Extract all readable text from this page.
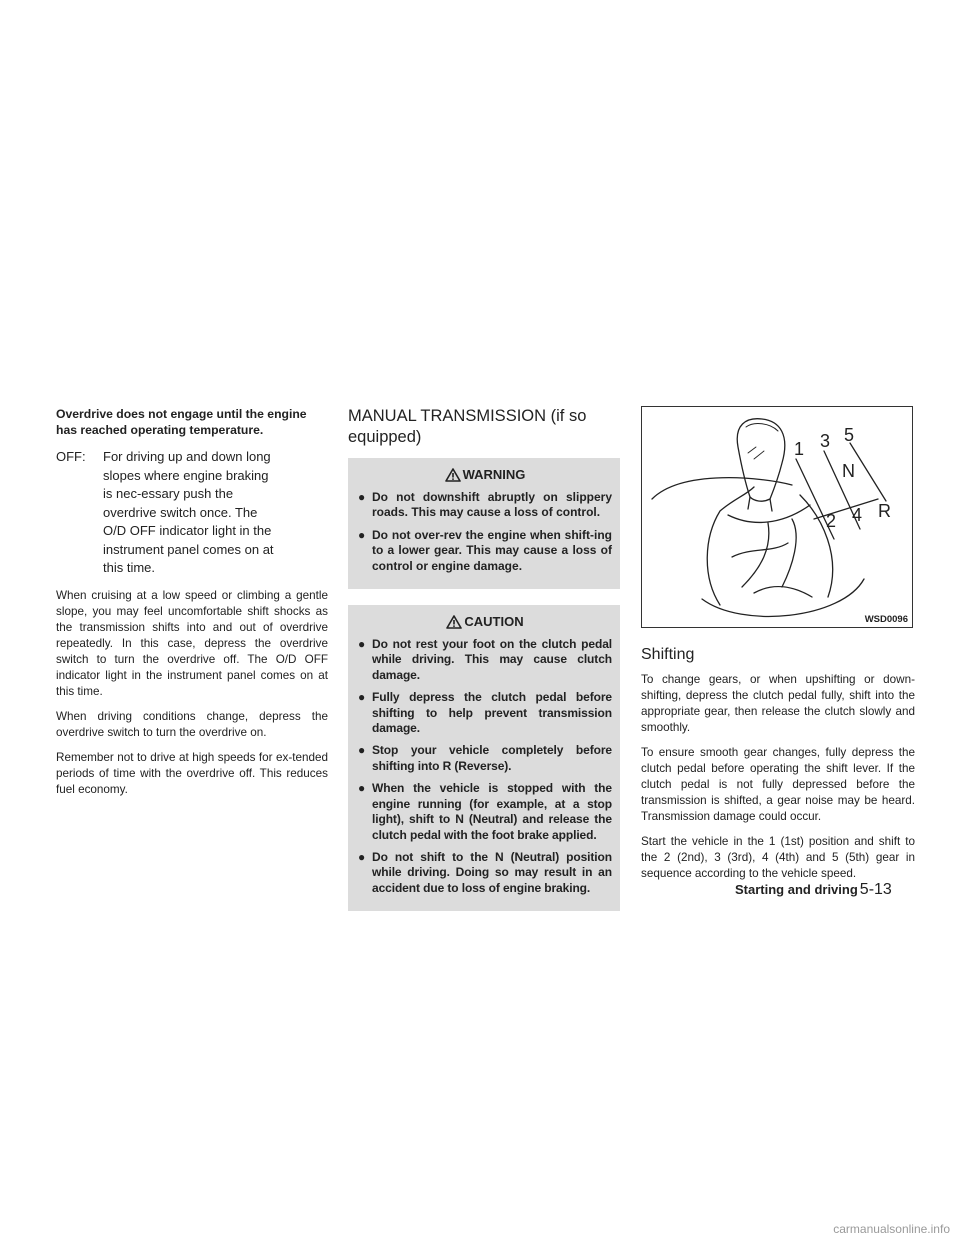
Overdrive does not engage until the engine has reached operating temperature.

OFF:	For driving up and down long slopes where engine braking is nec-essary push the overdrive switch once. The O/D OFF indicator light in the instrument panel comes on at this time.

When cruising at a low speed or climbing a gentle slope, you may feel uncomfortable shift shocks as the transmission shifts into and out of overdrive repeatedly. In this case, depress the overdrive switch to turn the overdrive off. The O/D OFF indicator light in the instrument panel comes on at this time.

When driving conditions change, depress the overdrive switch to turn the overdrive on.

Remember not to drive at high speeds for ex-tended periods of time with the overdrive off. This reduces fuel economy.

MANUAL TRANSMISSION (if so equipped)
WARNING
● Do not downshift abruptly on slippery roads. This may cause a loss of control.
● Do not over-rev the engine when shift-ing to a lower gear. This may cause a loss of control or engine damage.
CAUTION
● Do not rest your foot on the clutch pedal while driving. This may cause clutch damage.
● Fully depress the clutch pedal before shifting to help prevent transmission damage.
● Stop your vehicle completely before shifting into R (Reverse).
● When the vehicle is stopped with the engine running (for example, at a stop light), shift to N (Neutral) and release the clutch pedal with the foot brake applied.
● Do not shift to the N (Neutral) position while driving. Doing so may result in an accident due to loss of engine braking.
1 3 5
N
2 4 R
WSD0096
Shifting

To change gears, or when upshifting or down-shifting, depress the clutch pedal fully, shift into the appropriate gear, then release the clutch slowly and smoothly.

To ensure smooth gear changes, fully depress the clutch pedal before operating the shift lever. If the clutch pedal is not fully depressed before the transmission is shifted, a gear noise may be heard. Transmission damage could occur.

Start the vehicle in the 1 (1st) position and shift to the 2 (2nd), 3 (3rd), 4 (4th) and 5 (5th) gear in sequence according to the vehicle speed.

Starting and driving 5-13
carmanualsonline.info
